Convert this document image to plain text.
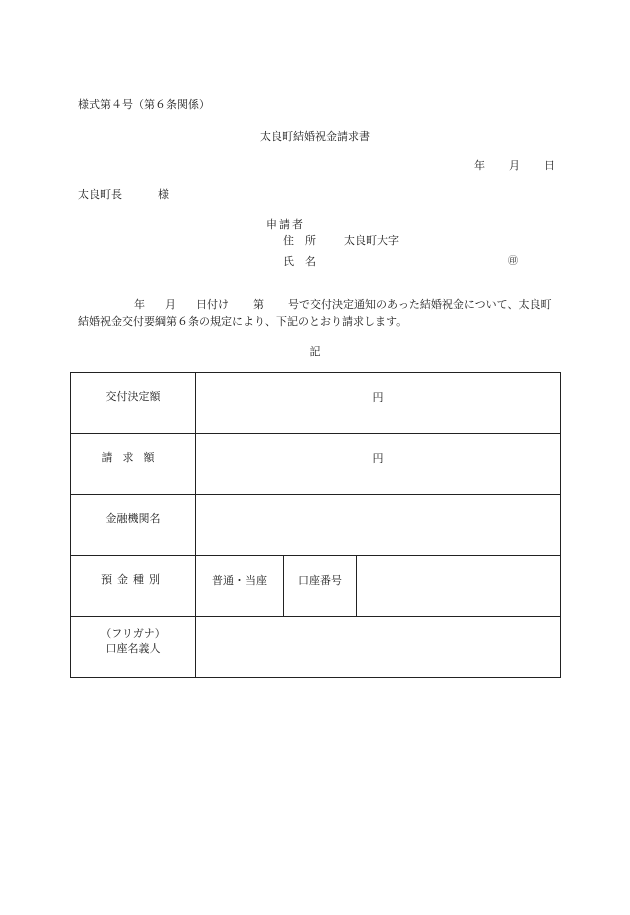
様式第４号（第６条関係）
太良町結婚祝金請求書
年 月 日
太良町長	様
申請者
住所 太良町大字
氏名	㊞
年 月 日付け 第 号で交付決定通知のあった結婚祝金について、太良町結婚祝金交付要綱第６条の規定により、下記のとおり請求します。
記
交付決定額	円		
請求額	円		
金融機関名			
預金種別	普通・当座	口座番号	

（フリガナ）
口座名義人			
